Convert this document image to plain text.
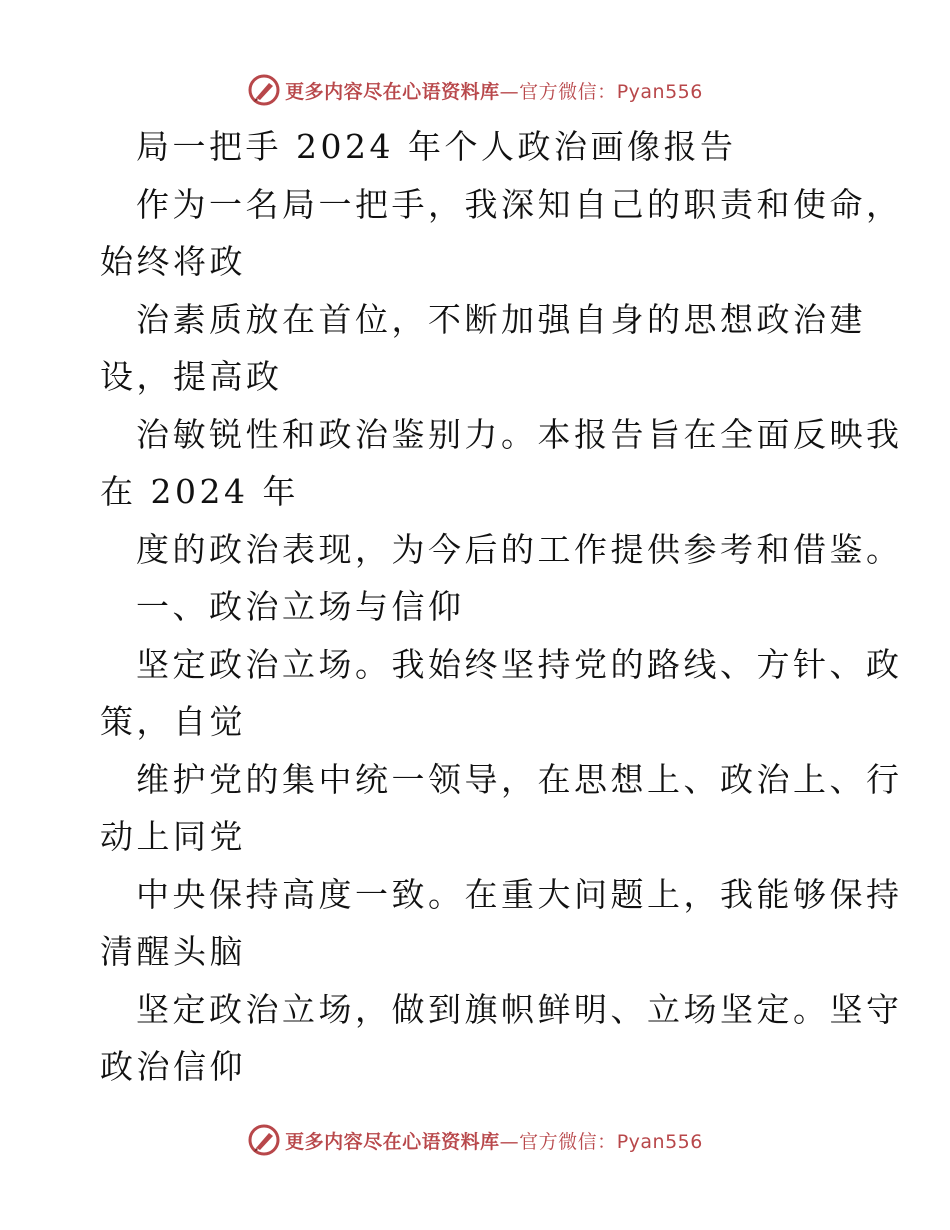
更多内容尽在心语资料库—官方微信：Pyan556
局一把手 2024 年个人政治画像报告
作为一名局一把手，我深知自己的职责和使命，
始终将政
治素质放在首位，不断加强自身的思想政治建
设，提高政
治敏锐性和政治鉴别力。本报告旨在全面反映我
在 2024 年
度的政治表现，为今后的工作提供参考和借鉴。
一、政治立场与信仰
坚定政治立场。我始终坚持党的路线、方针、政
策，自觉
维护党的集中统一领导，在思想上、政治上、行
动上同党
中央保持高度一致。在重大问题上，我能够保持
清醒头脑
坚定政治立场，做到旗帜鲜明、立场坚定。坚守
政治信仰
更多内容尽在心语资料库—官方微信：Pyan556
